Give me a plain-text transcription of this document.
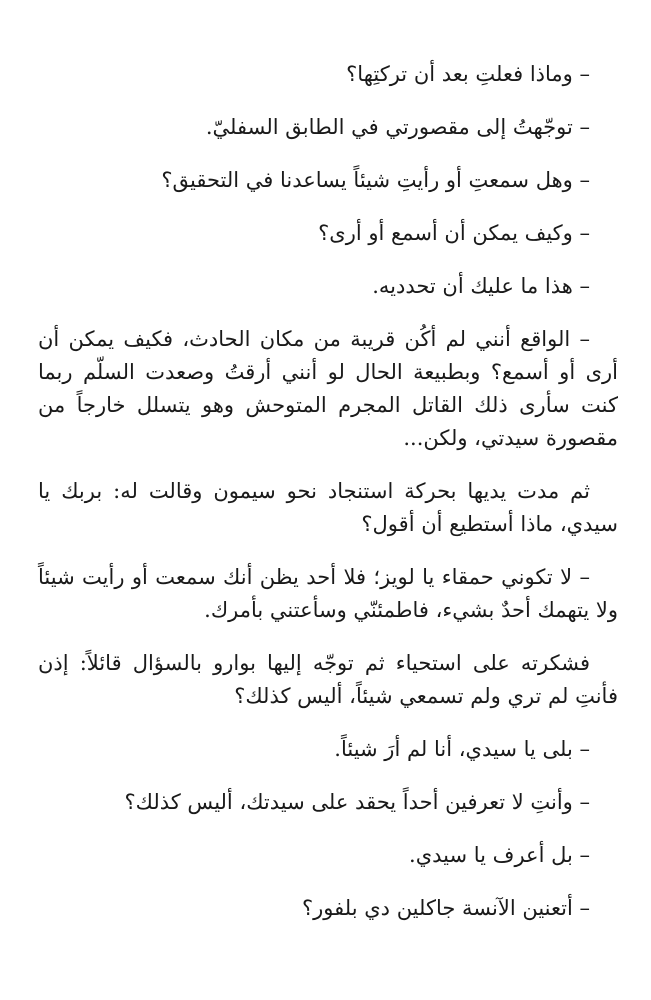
– وماذا فعلتِ بعد أن تركتِها؟

– توجّهتُ إلى مقصورتي في الطابق السفليّ.

– وهل سمعتِ أو رأيتِ شيئاً يساعدنا في التحقيق؟

– وكيف يمكن أن أسمع أو أرى؟

– هذا ما عليك أن تحدديه.

– الواقع أنني لم أكُن قريبة من مكان الحادث، فكيف يمكن أن أرى أو أسمع؟ وبطبيعة الحال لو أنني أرقتُ وصعدت السلّم ربما كنت سأرى ذلك القاتل المجرم المتوحش وهو يتسلل خارجاً من مقصورة سيدتي، ولكن...

ثم مدت يديها بحركة استنجاد نحو سيمون وقالت له: بربك يا سيدي، ماذا أستطيع أن أقول؟

– لا تكوني حمقاء يا لويز؛ فلا أحد يظن أنك سمعت أو رأيت شيئاً ولا يتهمك أحدٌ بشيء، فاطمئنّي وسأعتني بأمرك.

فشكرته على استحياء ثم توجّه إليها بوارو بالسؤال قائلاً: إذن فأنتِ لم تري ولم تسمعي شيئاً، أليس كذلك؟

– بلى يا سيدي، أنا لم أرَ شيئاً.

– وأنتِ لا تعرفين أحداً يحقد على سيدتك، أليس كذلك؟

– بل أعرف يا سيدي.

– أتعنين الآنسة جاكلين دي بلفور؟
